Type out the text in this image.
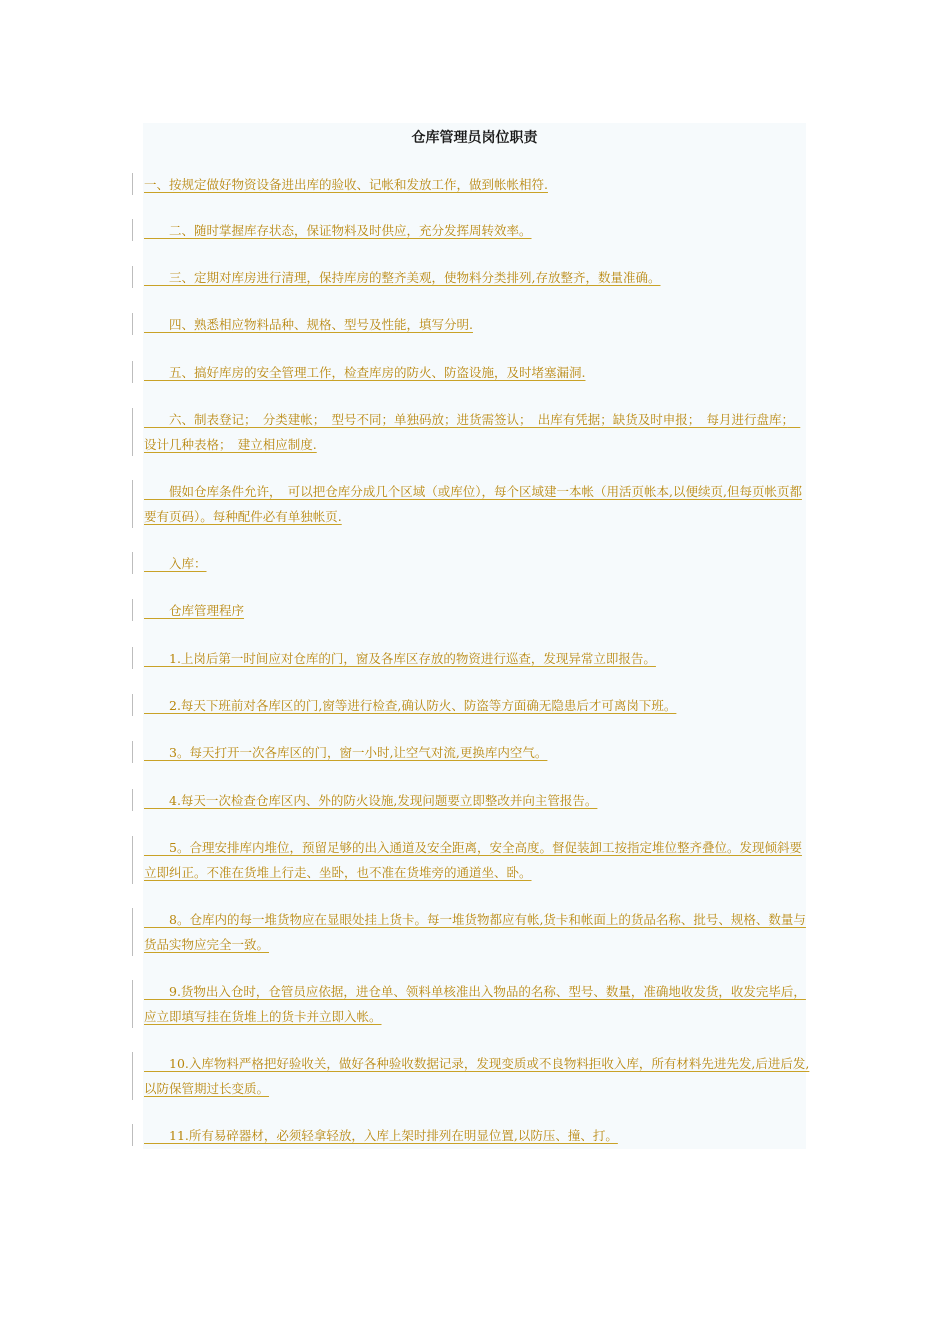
仓库管理员岗位职责
一、按规定做好物资设备进出库的验收、记帐和发放工作，做到帐帐相符.
　　二、随时掌握库存状态，保证物料及时供应，充分发挥周转效率。
　　三、定期对库房进行清理，保持库房的整齐美观，使物料分类排列,存放整齐，数量准确。
　　四、熟悉相应物料品种、规格、型号及性能，填写分明.
　　五、搞好库房的安全管理工作，检查库房的防火、防盗设施，及时堵塞漏洞.
　　六、制表登记；　分类建帐；　型号不同；单独码放；进货需签认；　出库有凭据；缺货及时申报；　每月进行盘库；　设计几种表格；　建立相应制度.
　　假如仓库条件允许，　可以把仓库分成几个区域（或库位），每个区域建一本帐（用活页帐本,以便续页,但每页帐页都要有页码）。每种配件必有单独帐页.
　　入库：
　　仓库管理程序
　　1.上岗后第一时间应对仓库的门，窗及各库区存放的物资进行巡查，发现异常立即报告。
　　2.每天下班前对各库区的门,窗等进行检查,确认防火、防盗等方面确无隐患后才可离岗下班。
　　3。每天打开一次各库区的门，窗一小时,让空气对流,更换库内空气。
　　4.每天一次检查仓库区内、外的防火设施,发现问题要立即整改并向主管报告。
　　5。合理安排库内堆位，预留足够的出入通道及安全距离，安全高度。督促装卸工按指定堆位整齐叠位。发现倾斜要立即纠正。不准在货堆上行走、坐卧，也不准在货堆旁的通道坐、卧。
　　8。仓库内的每一堆货物应在显眼处挂上货卡。每一堆货物都应有帐,货卡和帐面上的货品名称、批号、规格、数量与货品实物应完全一致。
　　9.货物出入仓时，仓管员应依据，进仓单、领料单核准出入物品的名称、型号、数量，准确地收发货，收发完毕后，应立即填写挂在货堆上的货卡并立即入帐。
　　10.入库物料严格把好验收关，做好各种验收数据记录，发现变质或不良物料拒收入库，所有材料先进先发,后进后发,以防保管期过长变质。
　　11.所有易碎器材，必须轻拿轻放，入库上架时排列在明显位置,以防压、撞、打。
